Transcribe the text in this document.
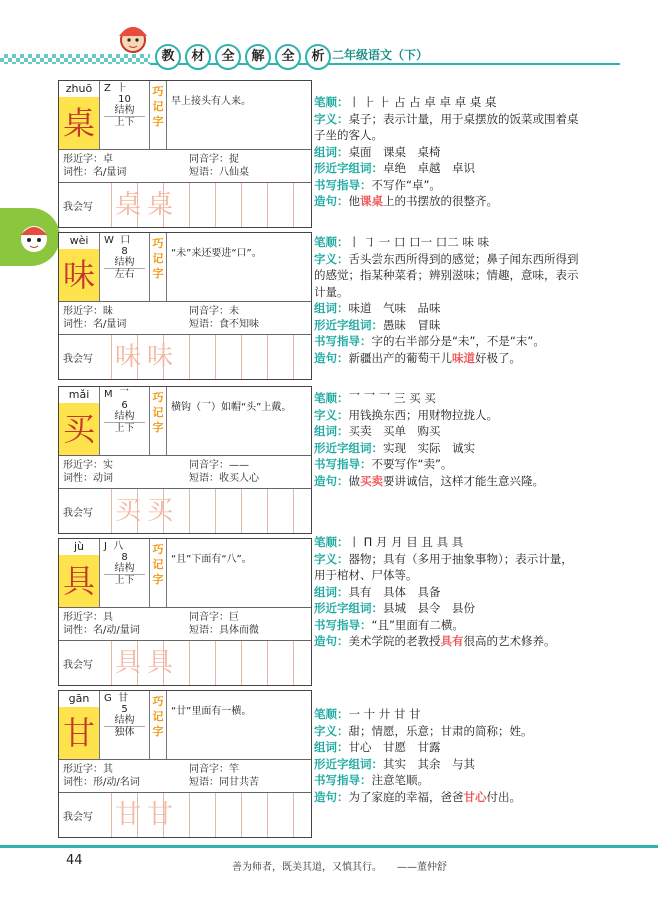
教	材	全	解	全	析 二年级语文（下）
zhuō
桌
Z ⺊
10
结构
上下
巧记字
早上接头有人来。
形近字：卓	同音字：捉
词性：名/量词	短语：八仙桌
我会写 桌桌
wèi
味
W 口
8
结构
左右
巧记字
“未”来还要进“口”。
形近字：昧	同音字：未
词性：名/量词	短语：食不知味
我会写 味味
mǎi
买
M 乛
6
结构
上下
巧记字
横钩（乛）如帽“头”上戴。
形近字：实	同音字：——
词性：动词	短语：收买人心
我会写 买买
jù
具
J 八
8
结构
上下
巧记字
“且”下面有“八”。
形近字：具	同音字：巨
词性：名/动/量词	短语：具体而微
我会写 具具
gān
甘
G 甘
5
结构
独体
巧记字
“廿”里面有一横。
形近字：其	同音字：竿
词性：形/动/名词	短语：同甘共苦
我会写 甘甘
笔顺：丨 ⺊ ⺊ 占 占 卓 卓 卓 桌 桌
字义：桌子；表示计量，用于桌摆放的饭菜或围着桌子坐的客人。
组词：桌面　课桌　桌椅
形近字组词：卓绝　卓越　卓识
书写指导：不写作“卓”。
造句：他课桌上的书摆放的很整齐。
笔顺：丨 ㇆ 一 口 口一 口二 味 味
字义：舌头尝东西所得到的感觉；鼻子闻东西所得到的感觉；指某种菜肴；辨别滋味；情趣，意味，表示计量。
组词：味道　气味　品味
形近字组词：愚昧　冒昧
书写指导：字的右半部分是“未”，不是“末”。
造句：新疆出产的葡萄干儿味道好极了。
笔顺：乛 乛 乛 三 买 买
字义：用钱换东西；用财物拉拢人。
组词：买卖　买单　购买
形近字组词：实现　实际　诚实
书写指导：不要写作“卖”。
造句：做买卖要讲诚信，这样才能生意兴隆。
笔顺：丨 Π 月 月 目 且 具 具
字义：器物；具有（多用于抽象事物）；表示计量，用于棺材、尸体等。
组词：具有　具体　具备
形近字组词：县城　县令　县份
书写指导：“且”里面有二横。
造句：美术学院的老教授具有很高的艺术修养。
笔顺：一 十 廾 甘 甘
字义：甜；情愿，乐意；甘肃的简称；姓。
组词：甘心　甘愿　甘露
形近字组词：其实　其余　与其
书写指导：注意笔顺。
造句：为了家庭的幸福，爸爸甘心付出。
44	善为师者，既美其道，又慎其行。　　——董仲舒
